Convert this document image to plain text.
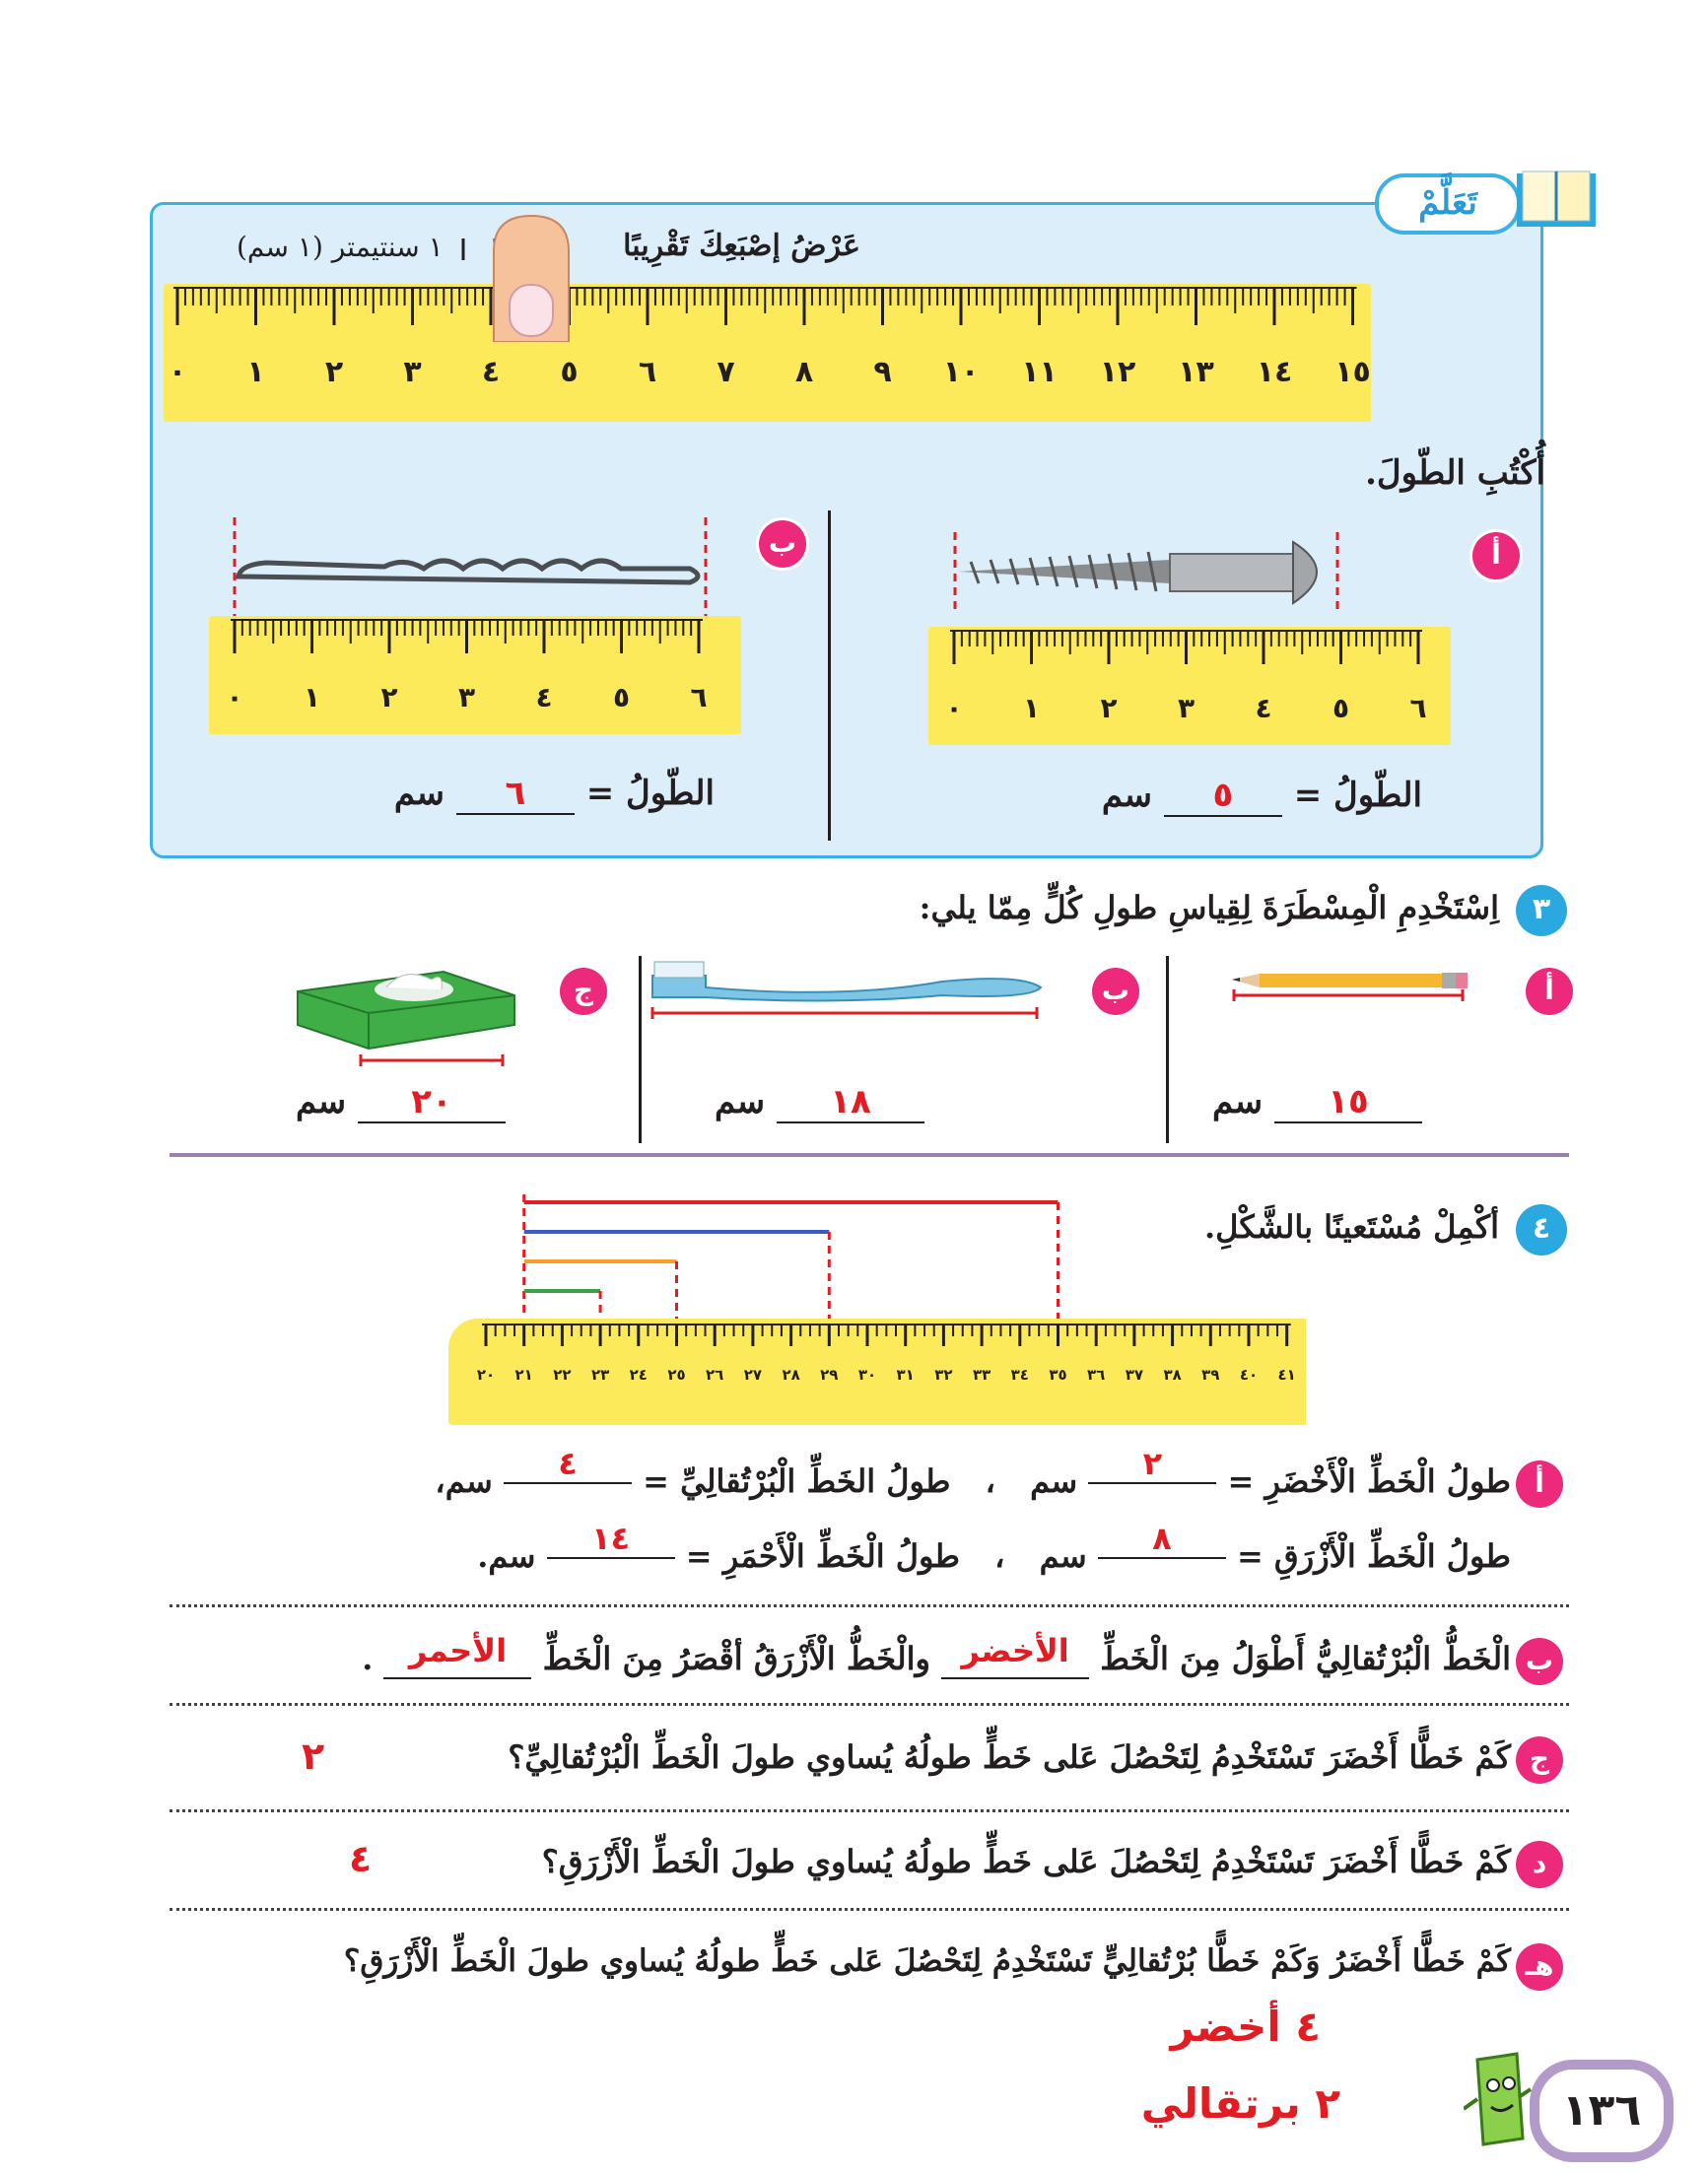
تَعَلَّمْ
عَرْضُ إصْبَعِكَ تَقْرِيبًا
١ سنتيمتر (١ سم)
٠	١	٢	٣	٤	٥	٦	٧	٨	٩	١٠	١١	١٢	١٣	١٤	١٥
أُكْتُبِ الطّولَ.
أ
٠	١	٢	٣	٤	٥	٦
الطّولُ = ٥ سم
ب
٠	١	٢	٣	٤	٥	٦
الطّولُ = ٦ سم
٣
اِسْتَخْدِمِ الْمِسْطَرَةَ لِقِياسِ طولِ كُلٍّ مِمّا يلي:
أ
ب
ج
١٥ سم
١٨ سم
٢٠ سم
٤
أكْمِلْ مُسْتَعينًا بالشَّكْلِ.
٢٠	٢١	٢٢	٢٣	٢٤	٢٥	٢٦	٢٧	٢٨	٢٩	٣٠	٣١	٣٢	٣٣	٣٤	٣٥	٣٦	٣٧	٣٨	٣٩	٤٠	٤١
أ
طولُ الْخَطِّ الْأَخْضَرِ = ٢ سم ، طولُ الخَطِّ الْبُرْتُقالِيِّ = ٤ سم،
طولُ الْخَطِّ الْأَزْرَقِ = ٨ سم ، طولُ الْخَطِّ الْأَحْمَرِ = ١٤ سم.
ب
الْخَطُّ الْبُرْتُقالِيُّ أَطْوَلُ مِنَ الْخَطِّ الأخضر والْخَطُّ الْأَزْرَقُ أقْصَرُ مِنَ الْخَطِّ الأحمر .
ج
كَمْ خَطًّا أَخْضَرَ تَسْتَخْدِمُ لِتَحْصُلَ عَلى خَطٍّ طولُهُ يُساوي طولَ الْخَطِّ الْبُرْتُقالِيِّ؟
٢
د
كَمْ خَطًّا أَخْضَرَ تَسْتَخْدِمُ لِتَحْصُلَ عَلى خَطٍّ طولُهُ يُساوي طولَ الْخَطِّ الْأَزْرَقِ؟
٤
هـ
كَمْ خَطًّا أَخْضَرُ وَكَمْ خَطًّا بُرْتُقالِيٍّ تَسْتَخْدِمُ لِتَحْصُلَ عَلى خَطٍّ طولُهُ يُساوي طولَ الْخَطِّ الْأَزْرَقِ؟
٤ أخضر
٢ برتقالي	١٣٦
